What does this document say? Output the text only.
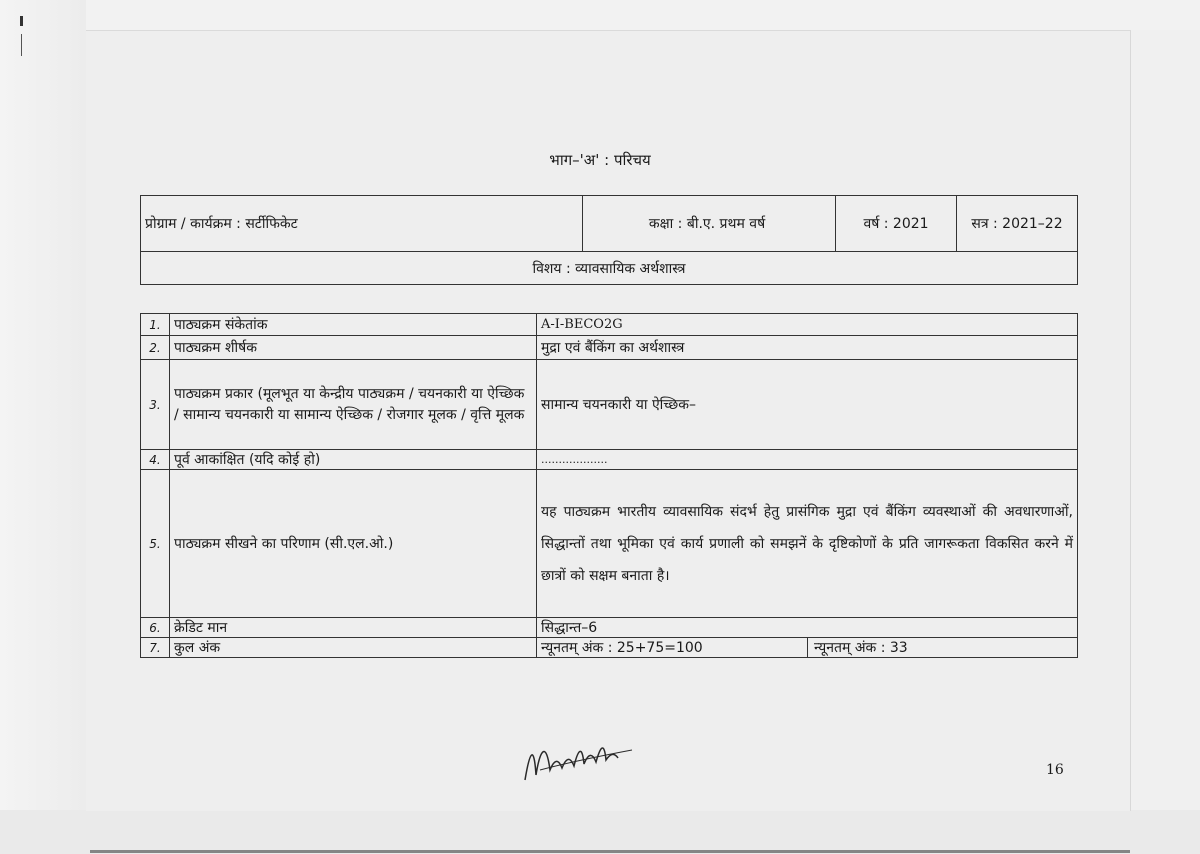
भाग–'अ' : परिचय
प्रोग्राम / कार्यक्रम : सर्टीफिकेट	कक्षा : बी.ए. प्रथम वर्ष	वर्ष : 2021	सत्र : 2021–22
विशय : व्यावसायिक अर्थशास्त्र
1.	पाठ्यक्रम संकेतांक	A-I-BECO2G
2.	पाठ्यक्रम शीर्षक	मुद्रा एवं बैंकिंग का अर्थशास्त्र
3.	पाठ्यक्रम प्रकार (मूलभूत या केन्द्रीय पाठ्यक्रम / चयनकारी या ऐच्छिक / सामान्य चयनकारी या सामान्य ऐच्छिक / रोजगार मूलक / वृत्ति मूलक	सामान्य चयनकारी या ऐच्छिक–
4.	पूर्व आकांक्षित (यदि कोई हो)	...................
5.	पाठ्यक्रम सीखने का परिणाम (सी.एल.ओ.)	यह पाठ्यक्रम भारतीय व्यावसायिक संदर्भ हेतु प्रासंगिक मुद्रा एवं बैंकिंग व्यवस्थाओं की अवधारणाओं, सिद्धान्तों तथा भूमिका एवं कार्य प्रणाली को समझनें के दृष्टिकोणों के प्रति जागरूकता विकसित करने में छात्रों को सक्षम बनाता है।
6.	क्रेडिट मान	सिद्धान्त–6
7.	कुल अंक	न्यूनतम् अंक : 25+75=100 न्यूनतम् अंक : 33
16
